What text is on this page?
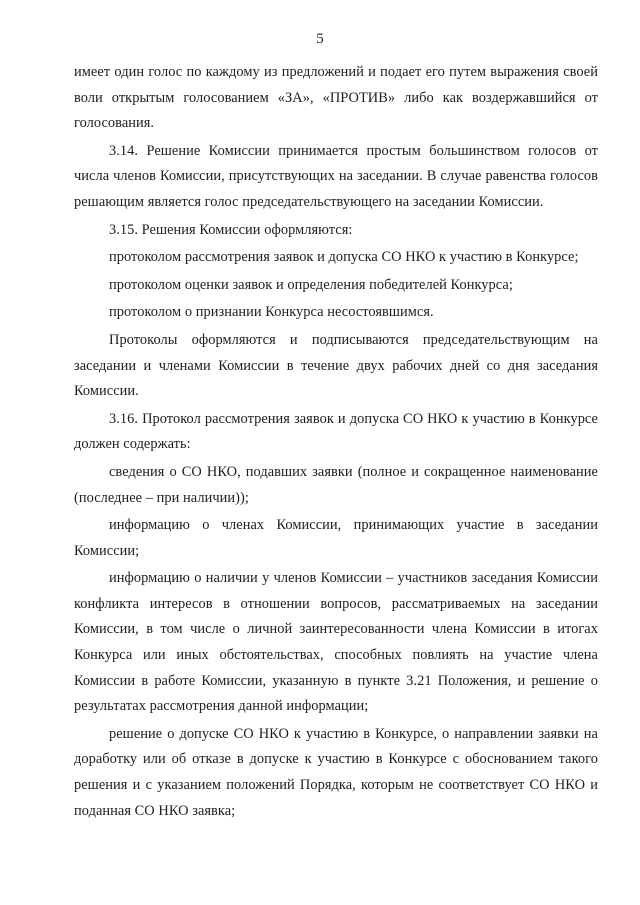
5

имеет один голос по каждому из предложений и подает его путем выражения своей воли открытым голосованием «ЗА», «ПРОТИВ» либо как воздержавшийся от голосования.

3.14. Решение Комиссии принимается простым большинством голосов от числа членов Комиссии, присутствующих на заседании. В случае равенства голосов решающим является голос председательствующего на заседании Комиссии.

3.15. Решения Комиссии оформляются:

протоколом рассмотрения заявок и допуска СО НКО к участию в Конкурсе;

протоколом оценки заявок и определения победителей Конкурса;

протоколом о признании Конкурса несостоявшимся.

Протоколы оформляются и подписываются председательствующим на заседании и членами Комиссии в течение двух рабочих дней со дня заседания Комиссии.

3.16. Протокол рассмотрения заявок и допуска СО НКО к участию в Конкурсе должен содержать:

сведения о СО НКО, подавших заявки (полное и сокращенное наименование (последнее – при наличии));

информацию о членах Комиссии, принимающих участие в заседании Комиссии;

информацию о наличии у членов Комиссии – участников заседания Комиссии конфликта интересов в отношении вопросов, рассматриваемых на заседании Комиссии, в том числе о личной заинтересованности члена Комиссии в итогах Конкурса или иных обстоятельствах, способных повлиять на участие члена Комиссии в работе Комиссии, указанную в пункте 3.21 Положения, и решение о результатах рассмотрения данной информации;

решение о допуске СО НКО к участию в Конкурсе, о направлении заявки на доработку или об отказе в допуске к участию в Конкурсе с обоснованием такого решения и с указанием положений Порядка, которым не соответствует СО НКО и поданная СО НКО заявка;
